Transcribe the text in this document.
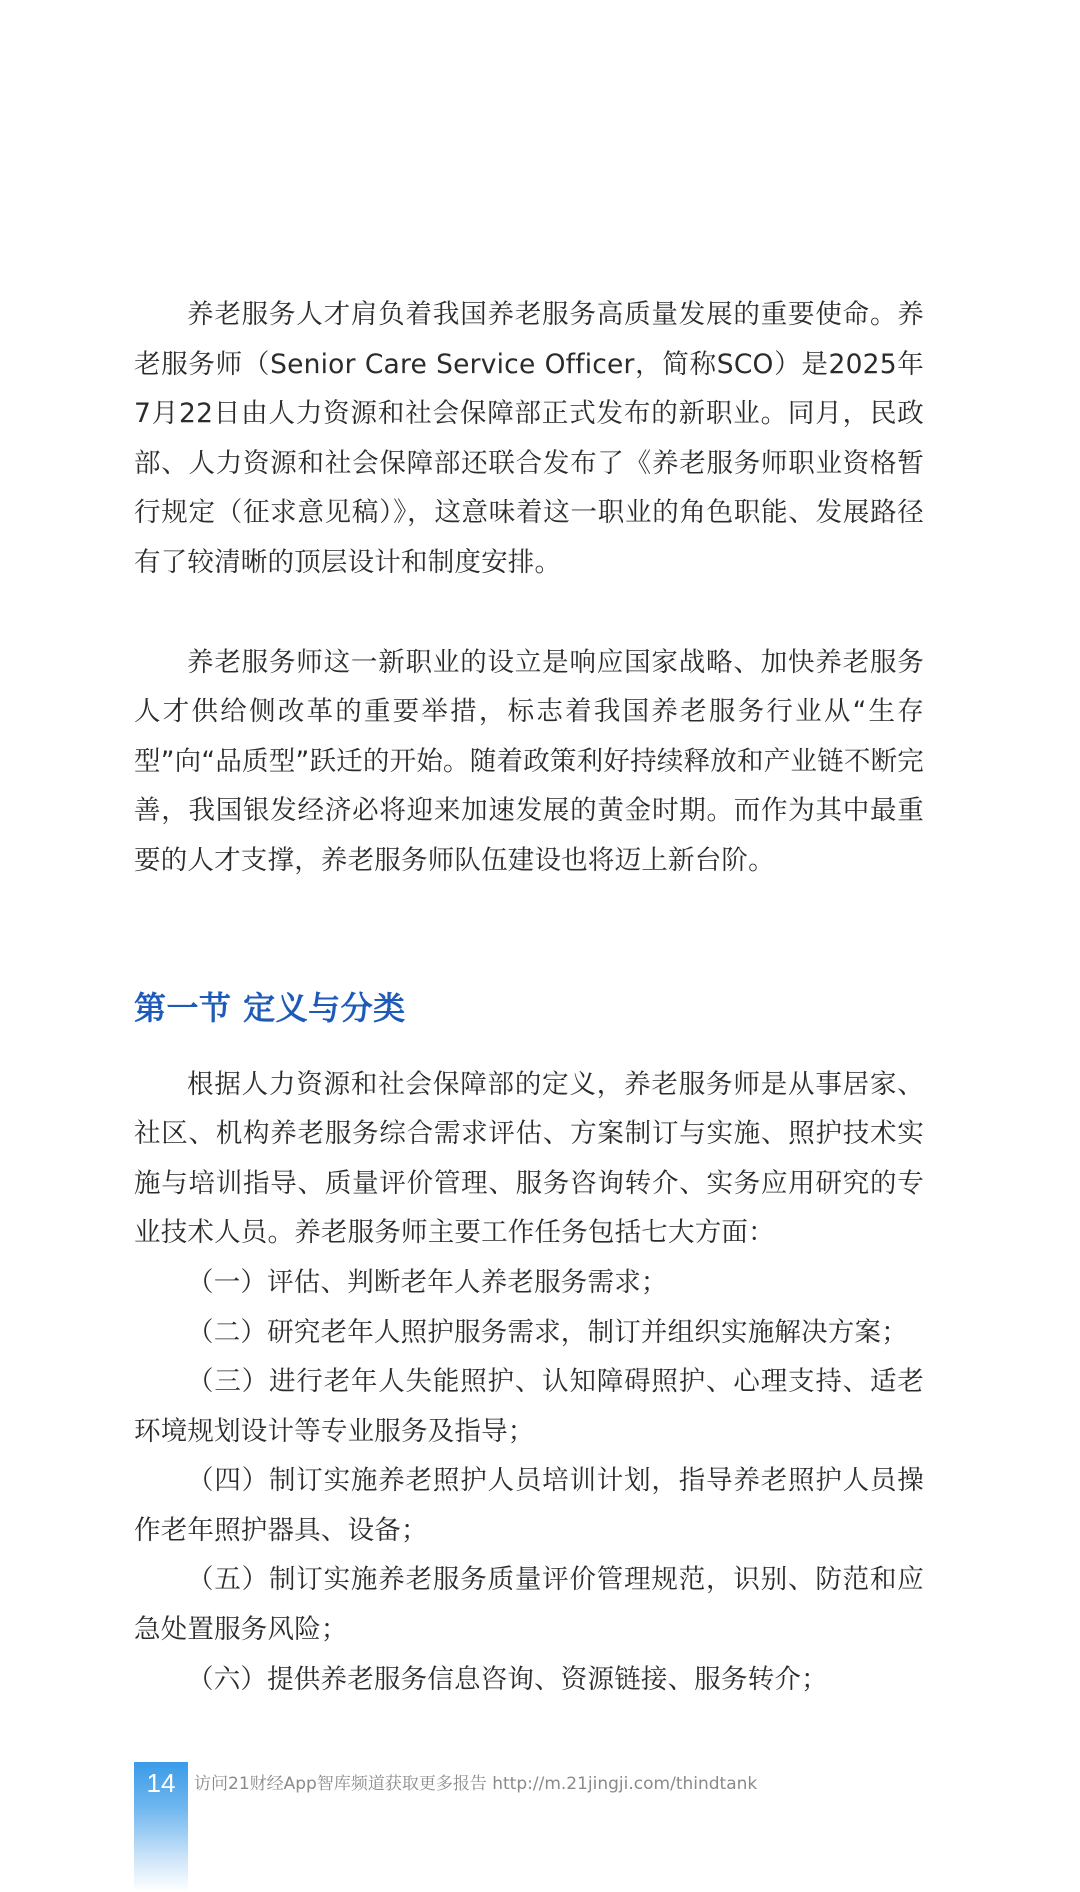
养老服务人才肩负着我国养老服务高质量发展的重要使命。养老服务师（Senior Care Service Officer，简称SCO）是2025年7月22日由人力资源和社会保障部正式发布的新职业。同月，民政部、人力资源和社会保障部还联合发布了《养老服务师职业资格暂行规定（征求意见稿）》，这意味着这一职业的角色职能、发展路径有了较清晰的顶层设计和制度安排。

养老服务师这一新职业的设立是响应国家战略、加快养老服务人才供给侧改革的重要举措，标志着我国养老服务行业从“生存型”向“品质型”跃迁的开始。随着政策利好持续释放和产业链不断完善，我国银发经济必将迎来加速发展的黄金时期。而作为其中最重要的人才支撑，养老服务师队伍建设也将迈上新台阶。

第一节 定义与分类

根据人力资源和社会保障部的定义，养老服务师是从事居家、社区、机构养老服务综合需求评估、方案制订与实施、照护技术实施与培训指导、质量评价管理、服务咨询转介、实务应用研究的专业技术人员。养老服务师主要工作任务包括七大方面：

（一）评估、判断老年人养老服务需求；
（二）研究老年人照护服务需求，制订并组织实施解决方案；
（三）进行老年人失能照护、认知障碍照护、心理支持、适老环境规划设计等专业服务及指导；
（四）制订实施养老照护人员培训计划，指导养老照护人员操作老年照护器具、设备；
（五）制订实施养老服务质量评价管理规范，识别、防范和应急处置服务风险；
（六）提供养老服务信息咨询、资源链接、服务转介；
14	访问21财经App智库频道获取更多报告 http://m.21jingji.com/thindtank
